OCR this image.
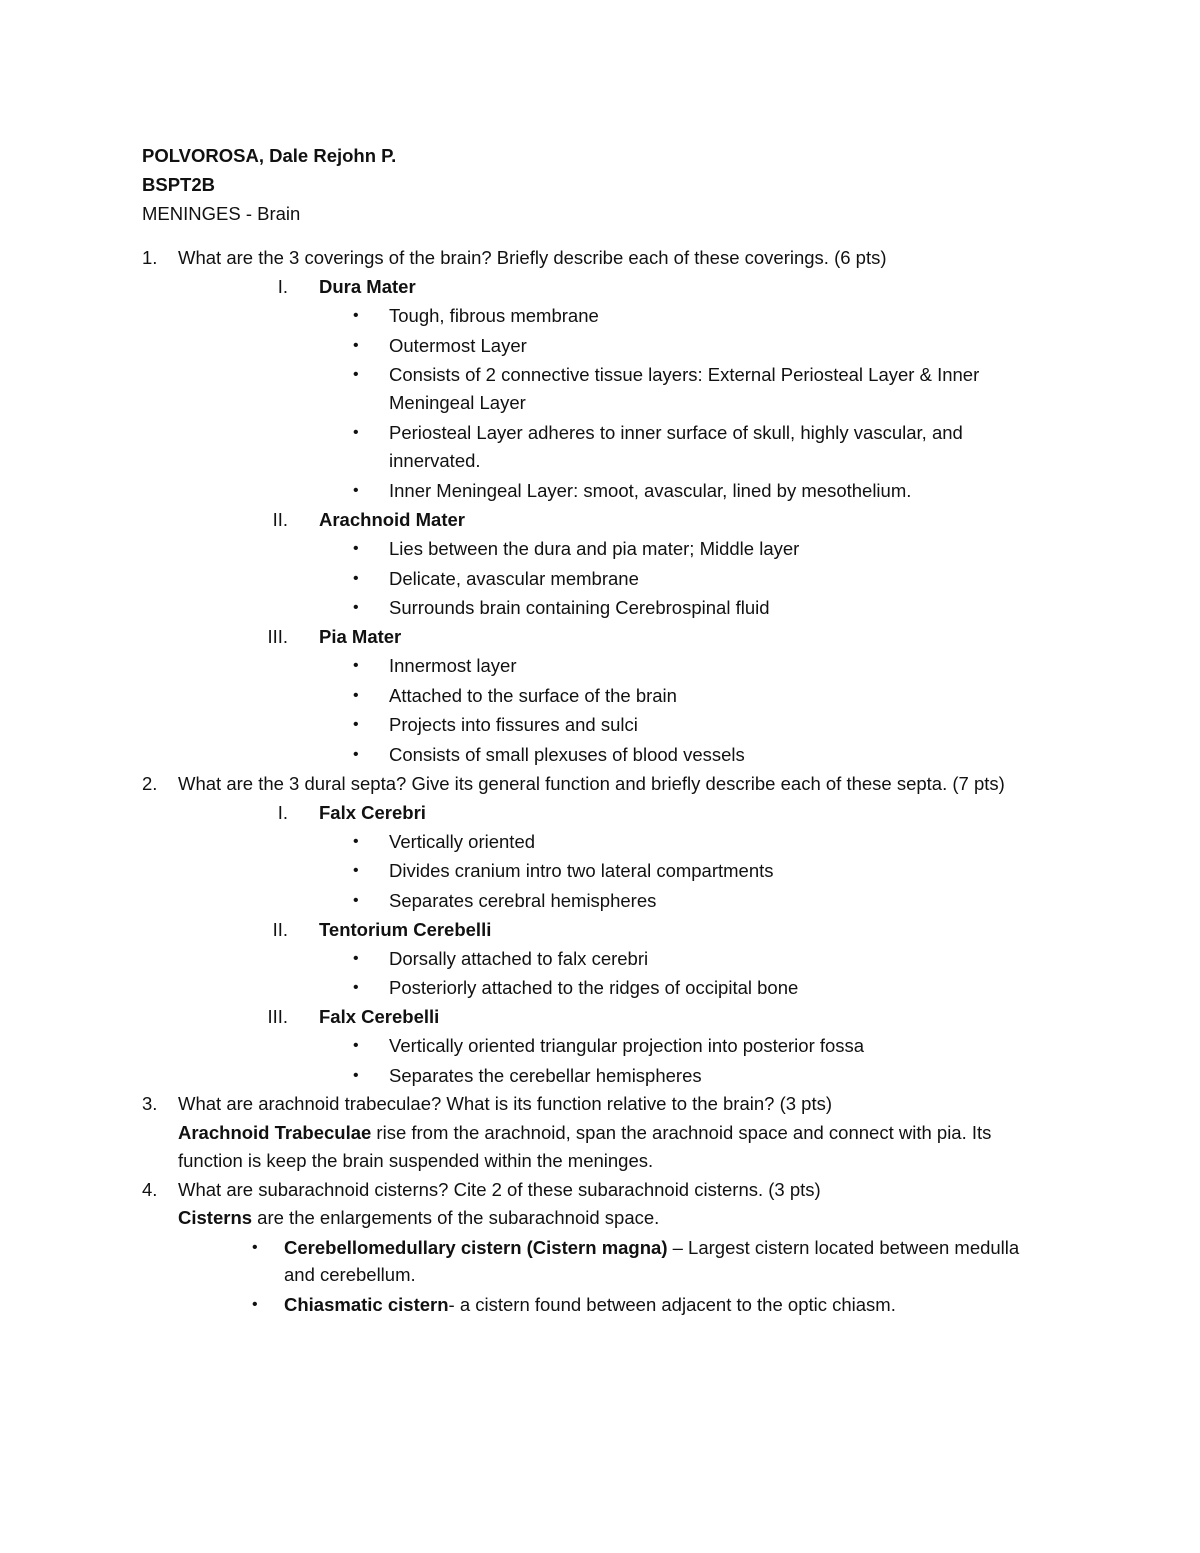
POLVOROSA, Dale Rejohn P.
BSPT2B
MENINGES - Brain
1. What are the 3 coverings of the brain? Briefly describe each of these coverings. (6 pts)
I. Dura Mater
• Tough, fibrous membrane
• Outermost Layer
• Consists of 2 connective tissue layers: External Periosteal Layer & Inner
Meningeal Layer
• Periosteal Layer adheres to inner surface of skull, highly vascular, and
innervated.
• Inner Meningeal Layer: smoot, avascular, lined by mesothelium.
II. Arachnoid Mater
• Lies between the dura and pia mater; Middle layer
• Delicate, avascular membrane
• Surrounds brain containing Cerebrospinal fluid
III. Pia Mater
• Innermost layer
• Attached to the surface of the brain
• Projects into fissures and sulci
• Consists of small plexuses of blood vessels
2. What are the 3 dural septa? Give its general function and briefly describe each of these septa. (7 pts)
I. Falx Cerebri
• Vertically oriented
• Divides cranium intro two lateral compartments
• Separates cerebral hemispheres
II. Tentorium Cerebelli
• Dorsally attached to falx cerebri
• Posteriorly attached to the ridges of occipital bone
III. Falx Cerebelli
• Vertically oriented triangular projection into posterior fossa
• Separates the cerebellar hemispheres
3. What are arachnoid trabeculae? What is its function relative to the brain? (3 pts)
Arachnoid Trabeculae rise from the arachnoid, span the arachnoid space and connect with pia. Its
function is keep the brain suspended within the meninges.
4. What are subarachnoid cisterns? Cite 2 of these subarachnoid cisterns. (3 pts)
Cisterns are the enlargements of the subarachnoid space.
• Cerebellomedullary cistern (Cistern magna) – Largest cistern located between medulla
and cerebellum.
• Chiasmatic cistern- a cistern found between adjacent to the optic chiasm.
